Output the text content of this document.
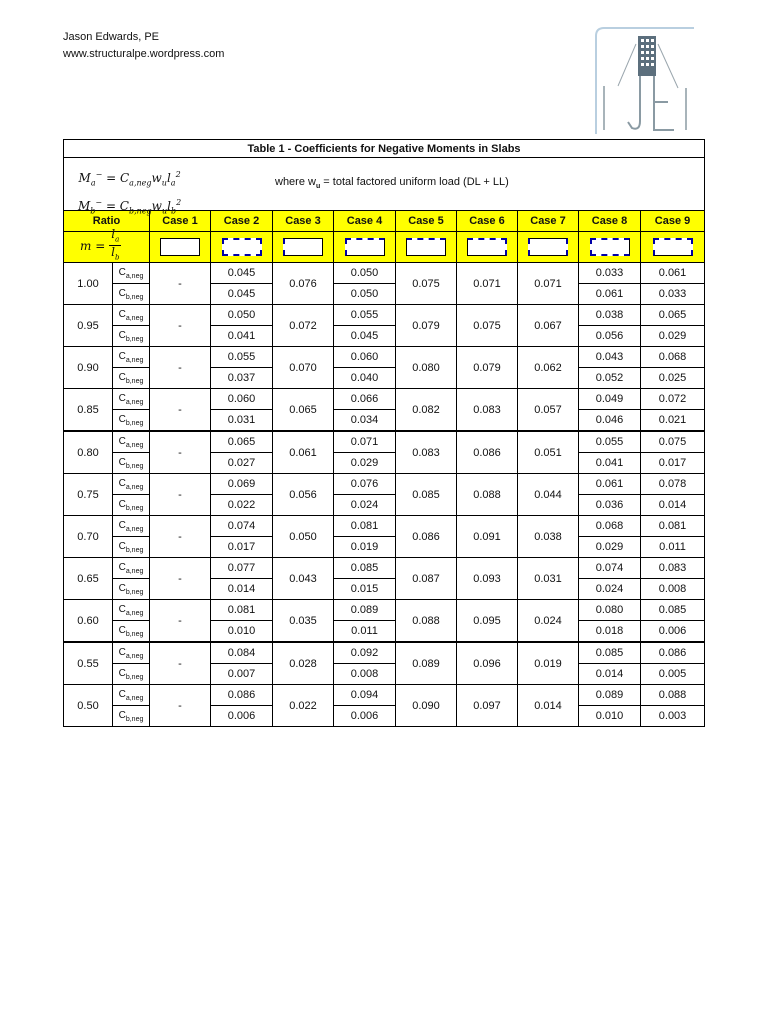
Jason Edwards, PE
www.structuralpe.wordpress.com
Table 1 - Coefficients for Negative Moments in Slabs										

$M_a^- = C_{a,neg}w_ul_a^2$
$M_b^- = C_{b,neg}w_ul_b^2$
where $w_u$ = total factored uniform load (DL + LL)										

Ratio		Case 1	Case 2	Case 3	Case 4	Case 5	Case 6	Case 7	Case 8	Case 9

$m = \frac{l_a}{l_b}$

1.00	$C_{a,neg}$	-	0.045	0.076	0.050	0.075	0.071	0.071	0.033	0.061
	$C_{b,neg}$		0.045		0.050				0.061	0.033
0.95	$C_{a,neg}$	-	0.050	0.072	0.055	0.079	0.075	0.067	0.038	0.065
	$C_{b,neg}$		0.041		0.045				0.056	0.029
0.90	$C_{a,neg}$	-	0.055	0.070	0.060	0.080	0.079	0.062	0.043	0.068
	$C_{b,neg}$		0.037		0.040				0.052	0.025
0.85	$C_{a,neg}$	-	0.060	0.065	0.066	0.082	0.083	0.057	0.049	0.072
	$C_{b,neg}$		0.031		0.034				0.046	0.021
0.80	$C_{a,neg}$	-	0.065	0.061	0.071	0.083	0.086	0.051	0.055	0.075
	$C_{b,neg}$		0.027		0.029				0.041	0.017
0.75	$C_{a,neg}$	-	0.069	0.056	0.076	0.085	0.088	0.044	0.061	0.078
	$C_{b,neg}$		0.022		0.024				0.036	0.014
0.70	$C_{a,neg}$	-	0.074	0.050	0.081	0.086	0.091	0.038	0.068	0.081
	$C_{b,neg}$		0.017		0.019				0.029	0.011
0.65	$C_{a,neg}$	-	0.077	0.043	0.085	0.087	0.093	0.031	0.074	0.083
	$C_{b,neg}$		0.014		0.015				0.024	0.008
0.60	$C_{a,neg}$	-	0.081	0.035	0.089	0.088	0.095	0.024	0.080	0.085
	$C_{b,neg}$		0.010		0.011				0.018	0.006
0.55	$C_{a,neg}$	-	0.084	0.028	0.092	0.089	0.096	0.019	0.085	0.086
	$C_{b,neg}$		0.007		0.008				0.014	0.005
0.50	$C_{a,neg}$	-	0.086	0.022	0.094	0.090	0.097	0.014	0.089	0.088
	$C_{b,neg}$		0.006		0.006				0.010	0.003
